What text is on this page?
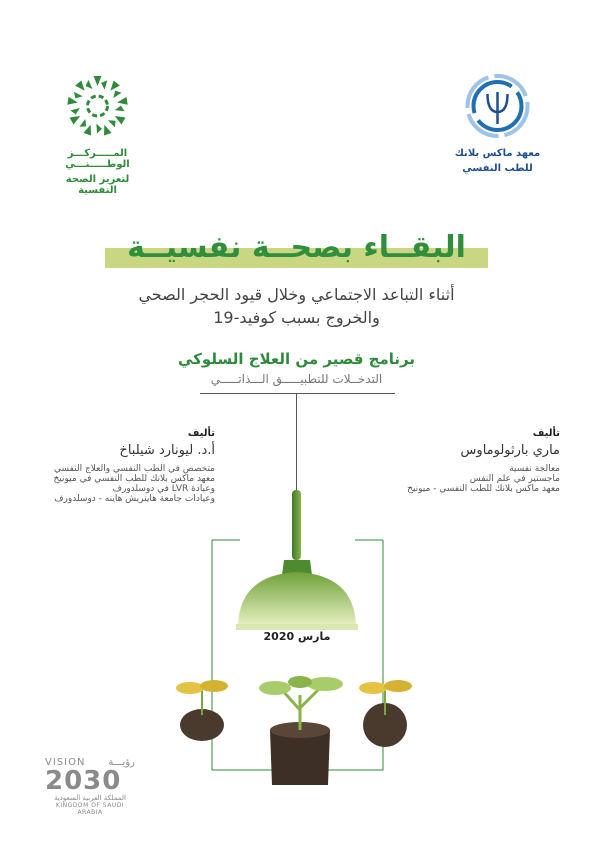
المـــــركـــز الوطـــــنـــي
لتعزيز الصحة النفسية
معهد ماكس بلانك
للطب النفسي
البقــاء بصحــة نفسيــة
أثناء التباعد الاجتماعي وخلال قيود الحجر الصحي
والخروج بسبب كوفيد-19
برنامج قصير من العلاج السلوكي
التدخــلات للتطبيـــــق الـــذاتـــــي
تأليف
أ.د. ليونارد شيلباخ
متخصص في الطب النفسي والعلاج النفسي
معهد ماكس بلانك للطب النفسي في ميونيخ
وعيادة LVR في دوسلدورف
وعيادات جامعة هاينريش هاينه - دوسلدورف
تأليف
ماري بارثولوماوس
معالجة نفسية
ماجستير في علم النفس
معهد ماكس بلانك للطب النفسي - ميونيخ
مارس 2020
VISION رؤيـــة
2030
المملكة العربية السعودية
KINGDOM OF SAUDI ARABIA
